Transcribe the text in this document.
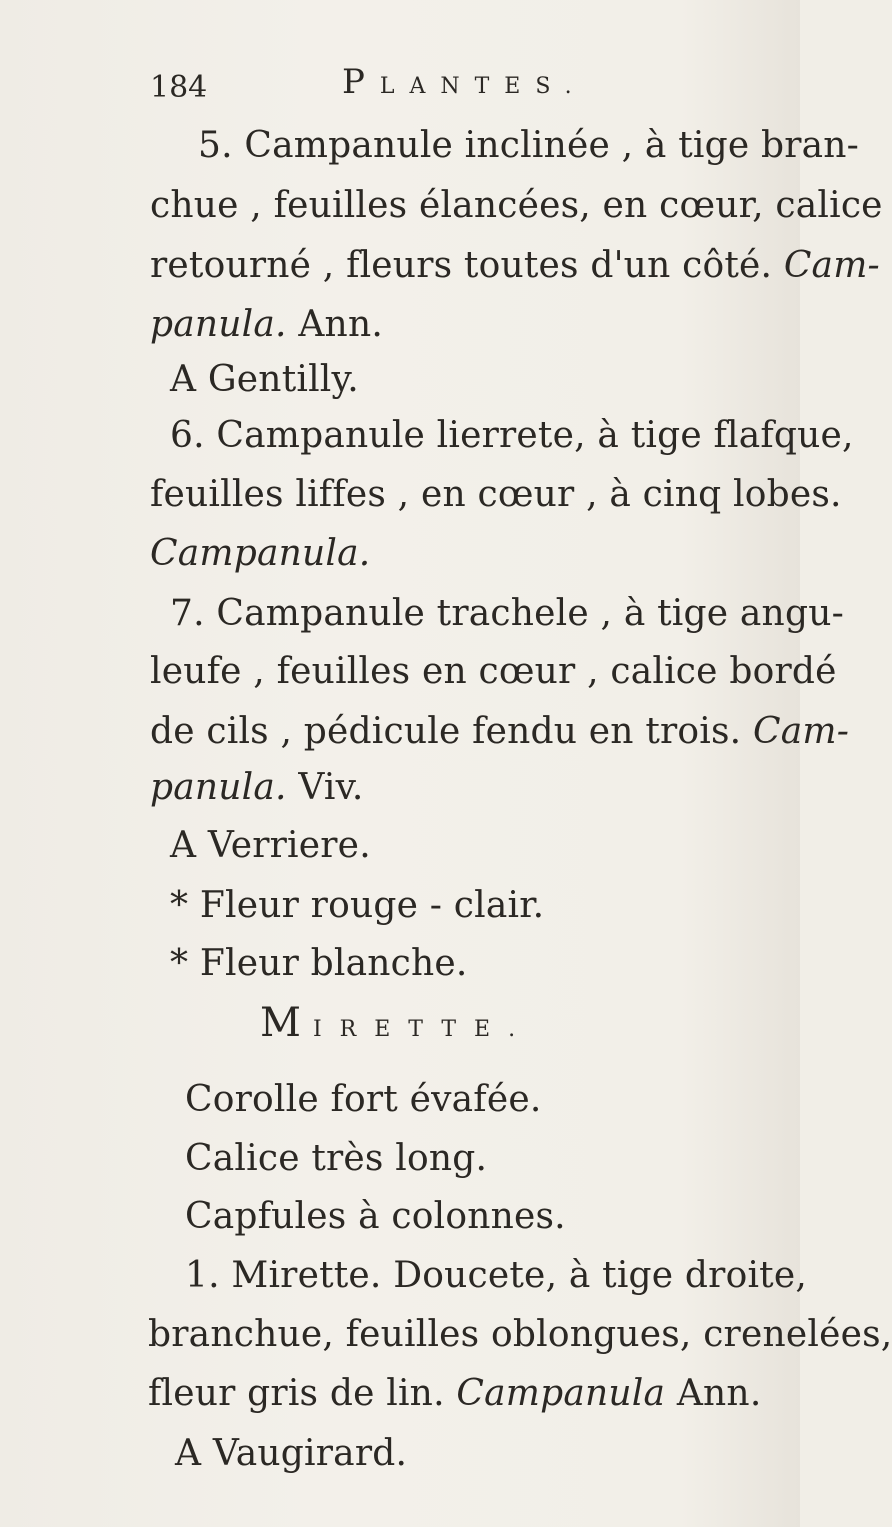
184	PLANTES.
5. Campanule inclinée , à tige bran-
chue , feuilles élancées, en cœur, calice
retourné , fleurs toutes d'un côté. Cam-
panula. Ann.
A Gentilly.
6. Campanule lierrete, à tige flafque,
feuilles liffes , en cœur , à cinq lobes.
Campanula.
7. Campanule trachele , à tige angu-
leufe , feuilles en cœur , calice bordé
de cils , pédicule fendu en trois. Cam-
panula. Viv.
A Verriere.
* Fleur rouge - clair.
* Fleur blanche.
MIRETTE.
Corolle fort évafée.
Calice très long.
Capfules à colonnes.
1. Mirette. Doucete, à tige droite,
branchue, feuilles oblongues, crenelées,
fleur gris de lin. Campanula Ann.
A Vaugirard.
